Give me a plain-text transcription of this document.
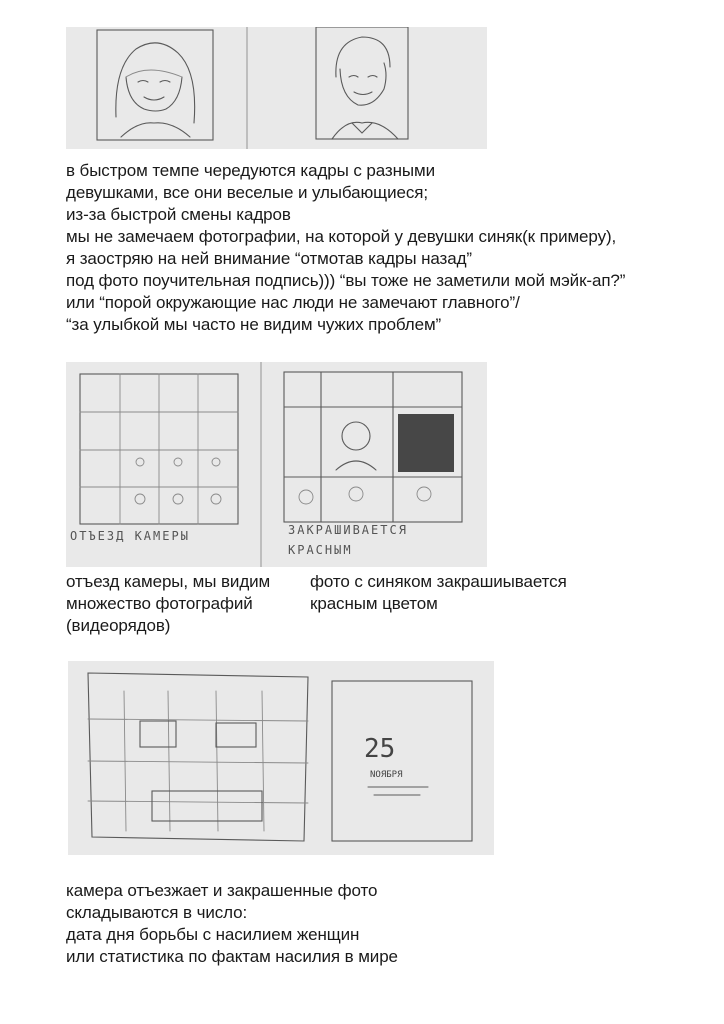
в быстром темпе чередуются кадры с разными
девушками, все они веселые и улыбающиеся;
из-за быстрой смены кадров
мы не замечаем фотографии, на которой у девушки синяк(к примеру),
я заостряю на ней внимание “отмотав кадры назад”
под фото поучительная подпись))) “вы тоже не заметили мой мэйк-ап?”
или “порой окружающие нас люди не замечают главного”/
“за улыбкой мы часто не видим чужих проблем”
ОТЪЕЗД КАМЕРЫ	ЗАКРАШИВАЕТСЯ
КРАСНЫМ
отъезд камеры, мы видим
множество фотографий
(видеорядов)
фото с синяком закрашиывается
красным цветом
25
NOЯБРЯ
камера отъезжает и закрашенные фото
складываются в число:
дата дня борьбы с насилием женщин
или статистика по фактам насилия в мире
